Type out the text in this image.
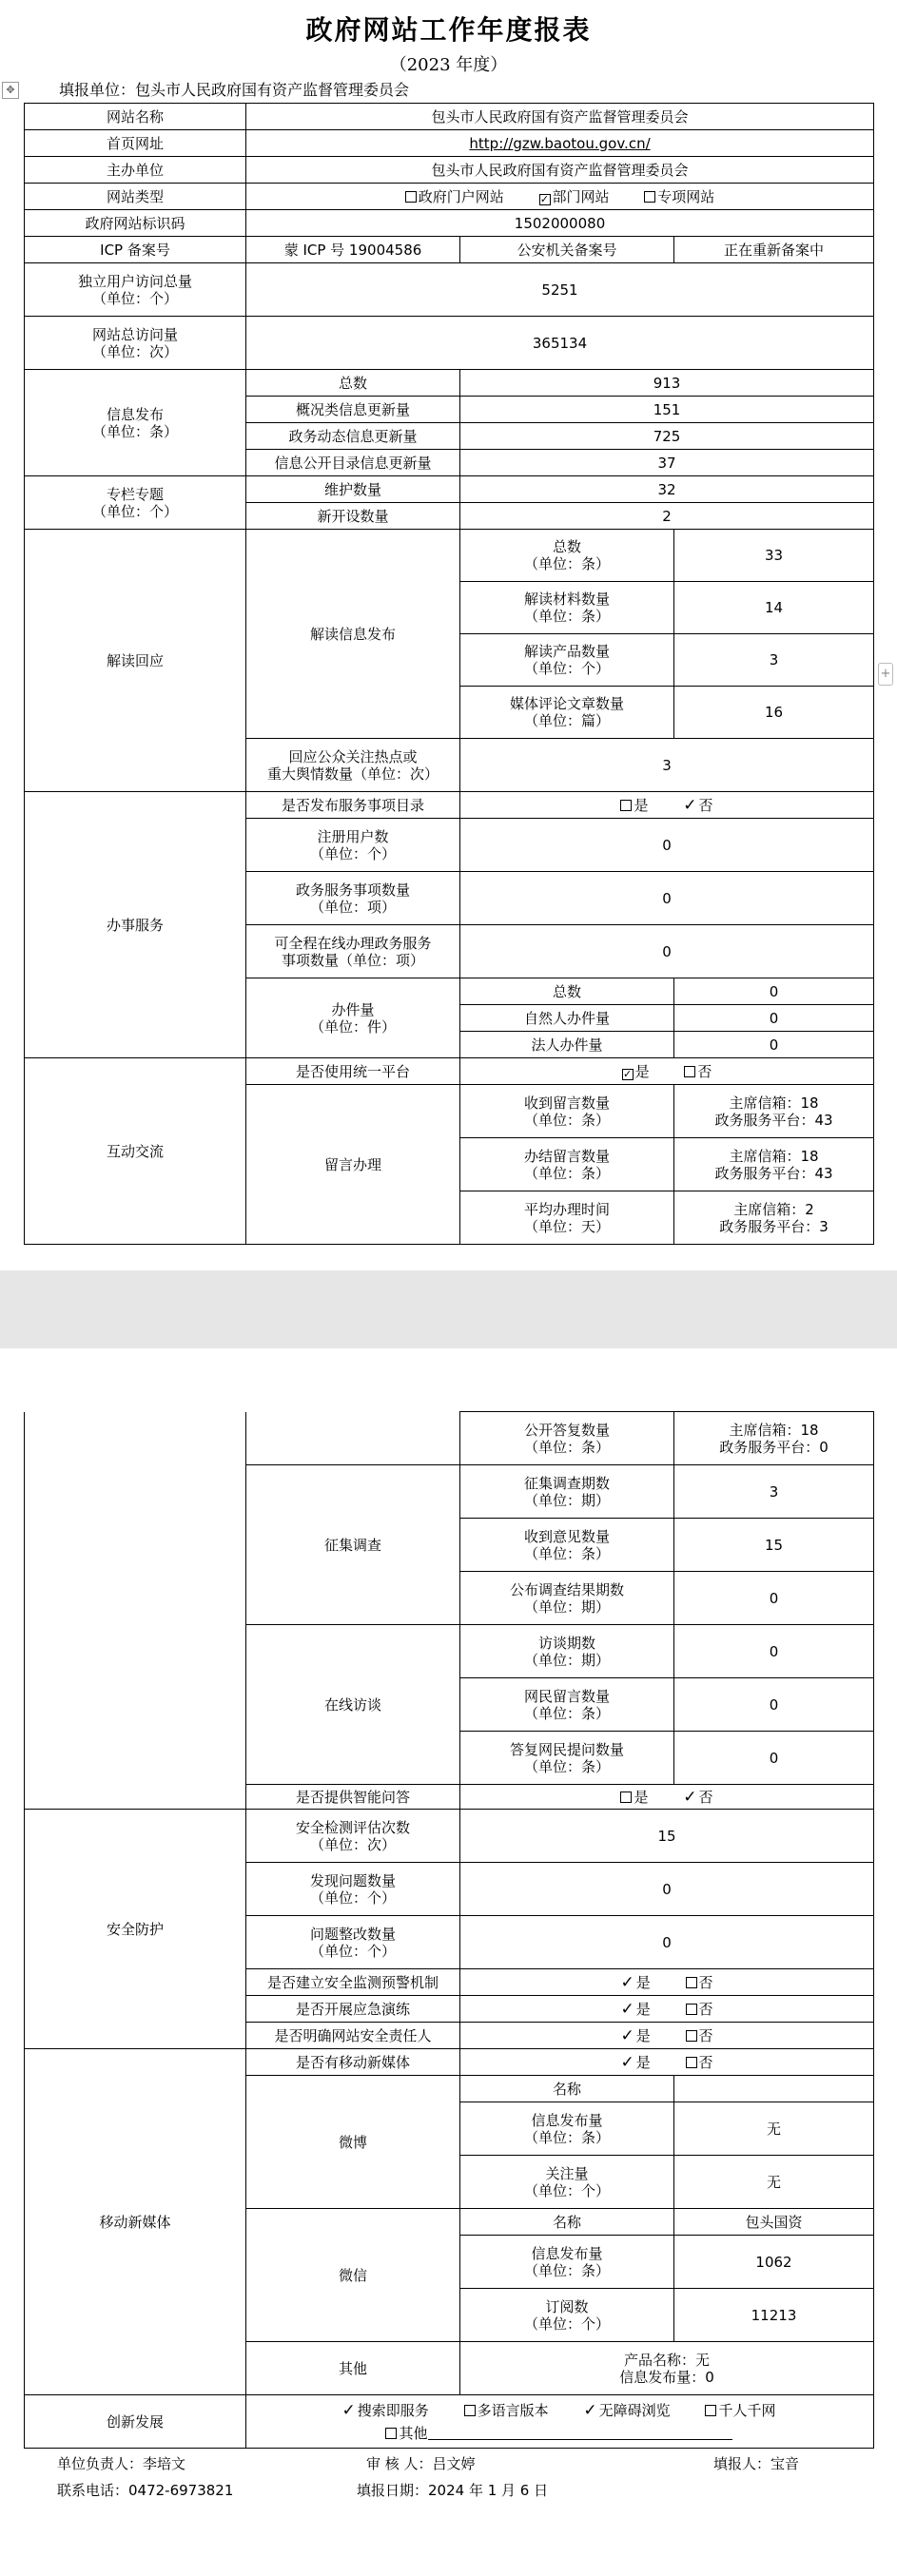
政府网站工作年度报表
（2023 年度）
填报单位：包头市人民政府国有资产监督管理委员会
✥
+
网站名称	包头市人民政府国有资产监督管理委员会		
首页网址	http://gzw.baotou.gov.cn/		
主办单位	包头市人民政府国有资产监督管理委员会		
网站类型	政府门户网站 ✓ 部门网站 专项网站		
政府网站标识码	1502000080		
ICP 备案号	蒙 ICP 号 19004586	公安机关备案号	正在重新备案中
独立用户访问总量
（单位：个）	5251		
网站总访问量
（单位：次）	365134		
信息发布
（单位：条）	总数	913	
	概况类信息更新量	151	
	政务动态信息更新量	725	
	信息公开目录信息更新量	37	
专栏专题
（单位：个）	维护数量	32	
	新开设数量	2	
解读回应	解读信息发布	总数
（单位：条）	33
		解读材料数量
（单位：条）	14
		解读产品数量
（单位：个）	3
		媒体评论文章数量
（单位：篇）	16
	回应公众关注热点或
重大舆情数量（单位：次）	3	
办事服务	是否发布服务事项目录	是 ✓ 否	
	注册用户数
（单位：个）	0	
	政务服务事项数量
（单位：项）	0	
	可全程在线办理政务服务
事项数量（单位：项）	0	
	办件量
（单位：件）	总数	0
		自然人办件量	0
		法人办件量	0
互动交流	是否使用统一平台	✓ 是 否	
	留言办理	收到留言数量
（单位：条）	主席信箱：18
政务服务平台：43
		办结留言数量
（单位：条）	主席信箱：18
政务服务平台：43
		平均办理时间
（单位：天）	主席信箱：2
政务服务平台：3
		公开答复数量
（单位：条）	主席信箱：18
政务服务平台：0
	征集调查	征集调查期数
（单位：期）	3
		收到意见数量
（单位：条）	15
		公布调查结果期数
（单位：期）	0
	在线访谈	访谈期数
（单位：期）	0
		网民留言数量
（单位：条）	0
		答复网民提问数量
（单位：条）	0
	是否提供智能问答	是 ✓ 否	
安全防护	安全检测评估次数
（单位：次）	15	
	发现问题数量
（单位：个）	0	
	问题整改数量
（单位：个）	0	
	是否建立安全监测预警机制	✓ 是 否	
	是否开展应急演练	✓ 是 否	
	是否明确网站安全责任人	✓ 是 否	
移动新媒体	是否有移动新媒体	✓ 是 否	
	微博	名称	
		信息发布量
（单位：条）	无
		关注量
（单位：个）	无
	微信	名称	包头国资
		信息发布量
（单位：条）	1062
		订阅数
（单位：个）	11213
	其他	产品名称：无
信息发布量：0	
创新发展	✓ 搜索即服务 多语言版本 ✓ 无障碍浏览 千人千网
其他		
单位负责人：李培文	审 核 人：吕文婷	填报人：宝音
联系电话：0472-6973821	填报日期：2024 年 1 月 6 日
